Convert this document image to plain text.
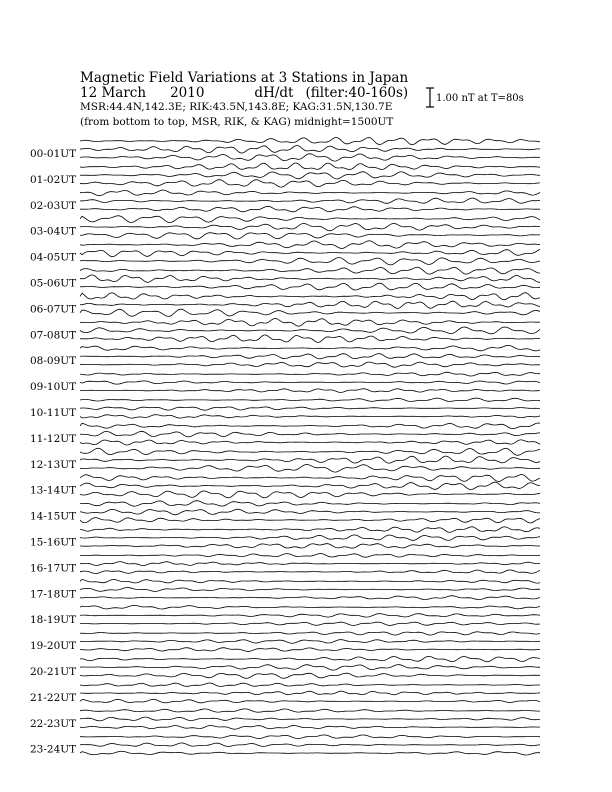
Magnetic Field Variations at 3 Stations in Japan
12 March 2010	dH/dt (filter:40-160s)
MSR:44.4N,142.3E; RIK:43.5N,143.8E; KAG:31.5N,130.7E
(from bottom to top, MSR, RIK, & KAG) midnight=1500UT
1.00 nT at T=80s
00-01UT
01-02UT
02-03UT
03-04UT
04-05UT
05-06UT
06-07UT
07-08UT
08-09UT
09-10UT
10-11UT
11-12UT
12-13UT
13-14UT
14-15UT
15-16UT
16-17UT
17-18UT
18-19UT
19-20UT
20-21UT
21-22UT
22-23UT
23-24UT
